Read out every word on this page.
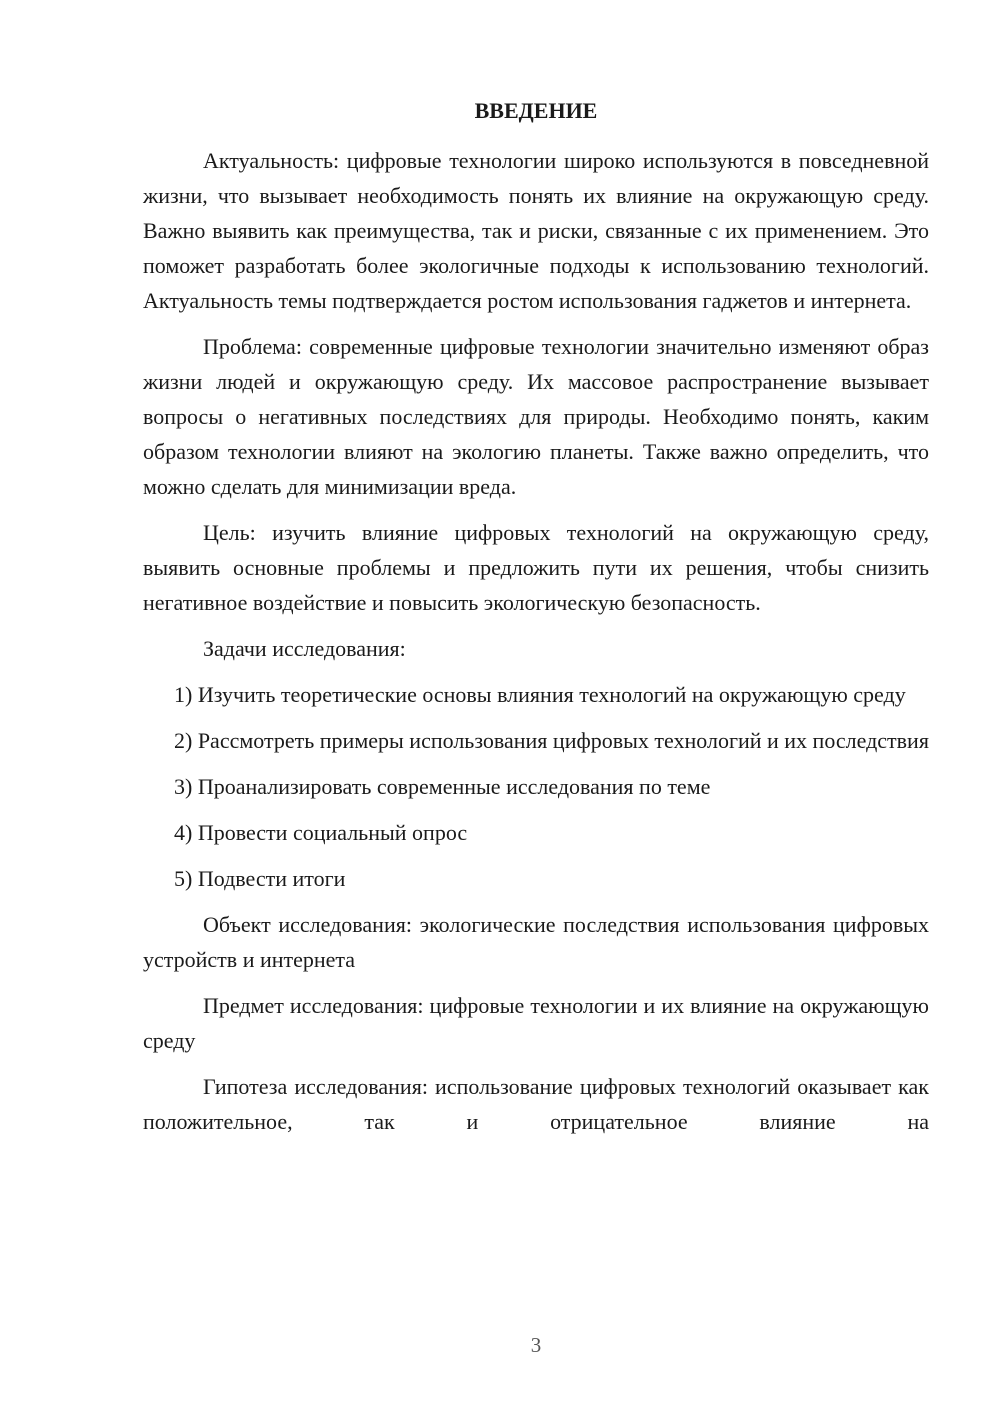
ВВЕДЕНИЕ

Актуальность: цифровые технологии широко используются в повседневной жизни, что вызывает необходимость понять их влияние на окружающую среду. Важно выявить как преимущества, так и риски, связанные с их применением. Это поможет разработать более экологичные подходы к использованию технологий. Актуальность темы подтверждается ростом использования гаджетов и интернета.

Проблема: современные цифровые технологии значительно изменяют образ жизни людей и окружающую среду. Их массовое распространение вызывает вопросы о негативных последствиях для природы. Необходимо понять, каким образом технологии влияют на экологию планеты. Также важно определить, что можно сделать для минимизации вреда.

Цель: изучить влияние цифровых технологий на окружающую среду, выявить основные проблемы и предложить пути их решения, чтобы снизить негативное воздействие и повысить экологическую безопасность.

Задачи исследования:

1) Изучить теоретические основы влияния технологий на окружающую среду

2) Рассмотреть примеры использования цифровых технологий и их последствия

3) Проанализировать современные исследования по теме

4) Провести социальный опрос

5) Подвести итоги

Объект исследования: экологические последствия использования цифровых устройств и интернета

Предмет исследования: цифровые технологии и их влияние на окружающую среду

Гипотеза исследования: использование цифровых технологий оказывает как положительное, так и отрицательное влияние на

3
